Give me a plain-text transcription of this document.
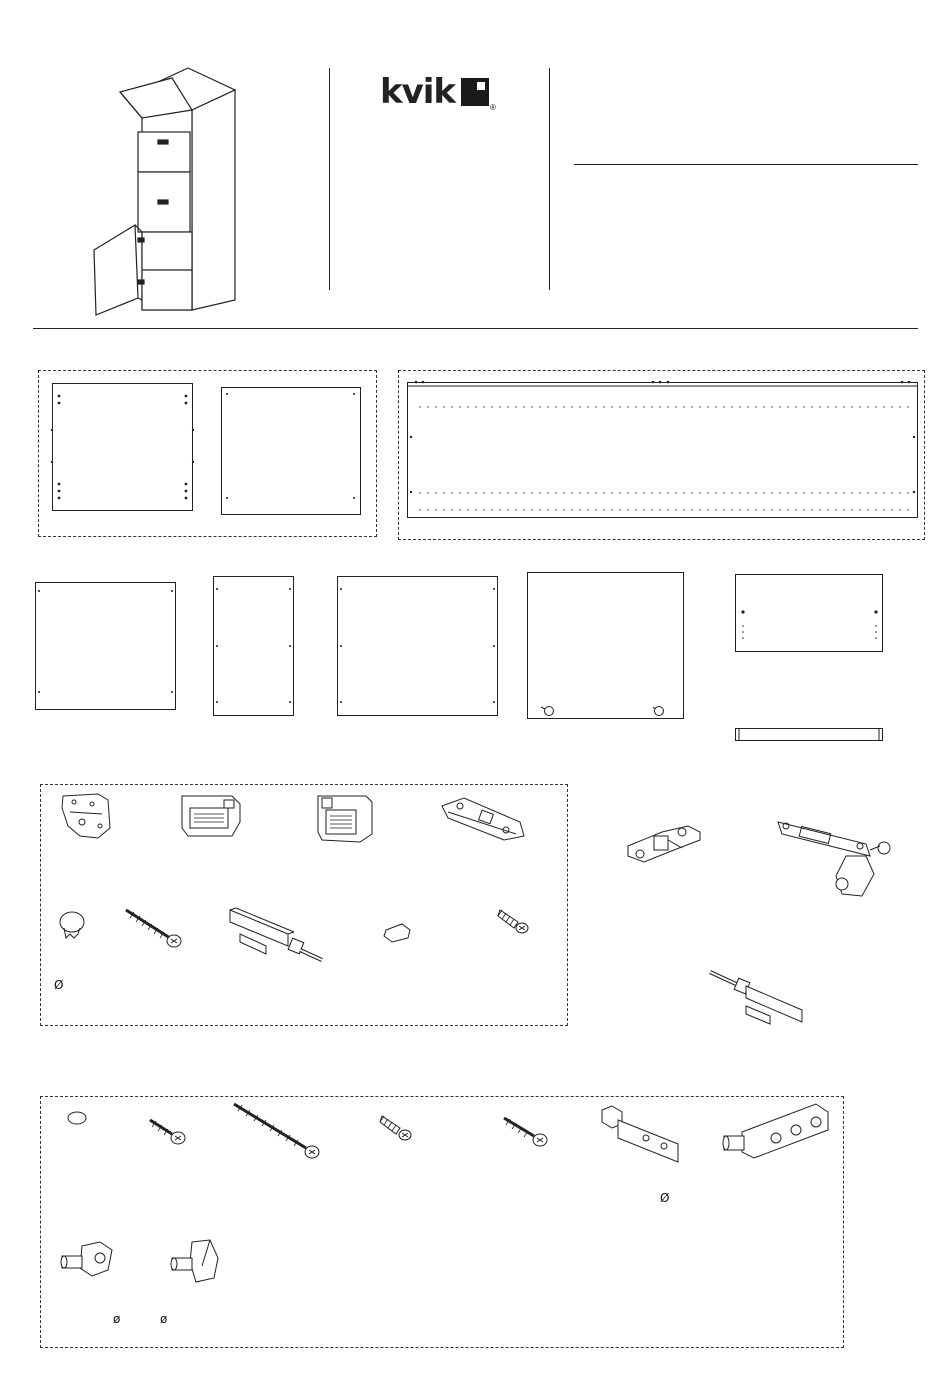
kvik	®
Ø
Ø
ø	ø
